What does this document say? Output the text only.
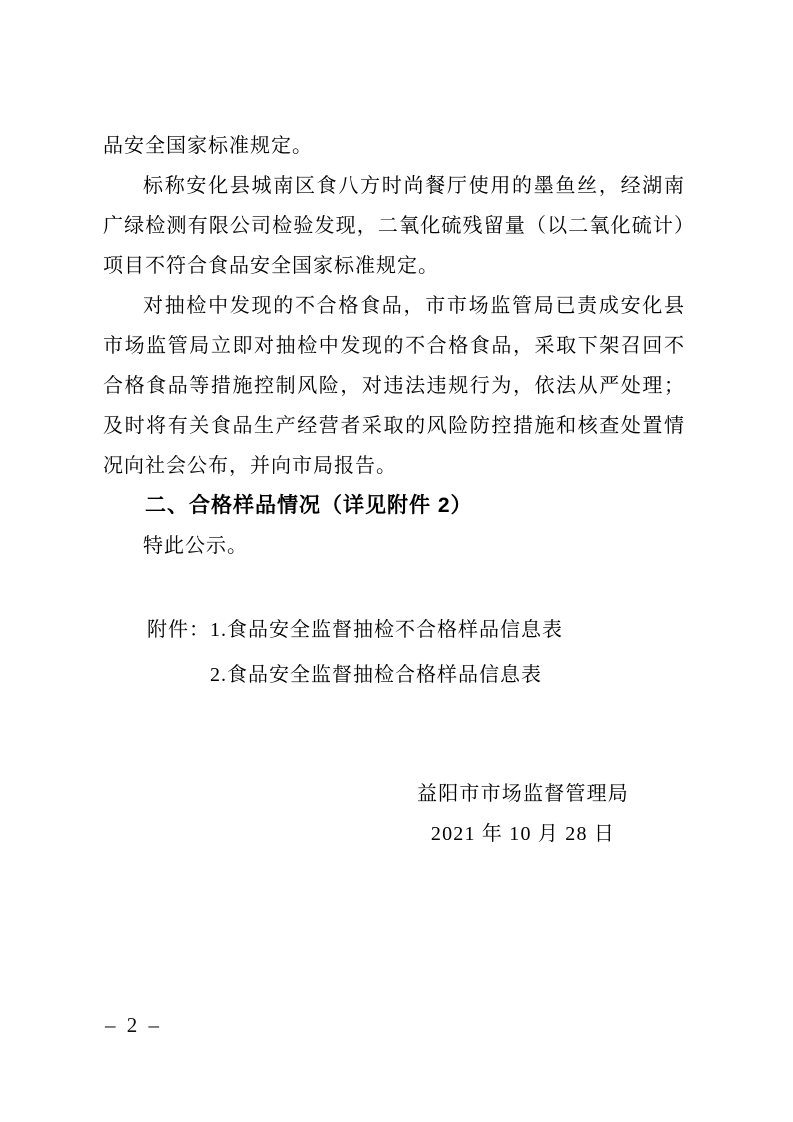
品安全国家标准规定。

标称安化县城南区食八方时尚餐厅使用的墨鱼丝，经湖南广绿检测有限公司检验发现，二氧化硫残留量（以二氧化硫计）项目不符合食品安全国家标准规定。

对抽检中发现的不合格食品，市市场监管局已责成安化县市场监管局立即对抽检中发现的不合格食品，采取下架召回不合格食品等措施控制风险，对违法违规行为，依法从严处理；及时将有关食品生产经营者采取的风险防控措施和核查处置情况向社会公布，并向市局报告。

二、合格样品情况（详见附件 2）

特此公示。

附件： 1.食品安全监督抽检不合格样品信息表

2.食品安全监督抽检合格样品信息表

益阳市市场监督管理局

2021 年 10 月 28 日

– 2 –
